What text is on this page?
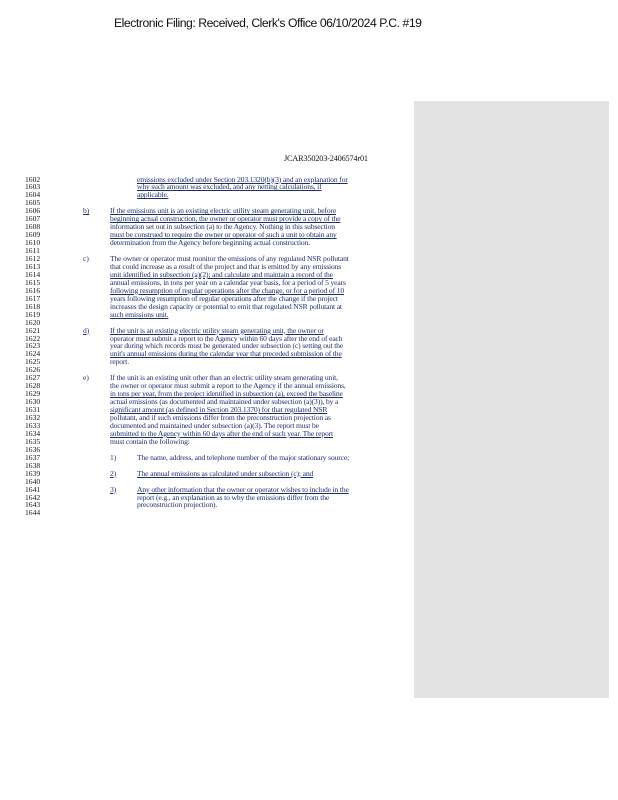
Electronic Filing: Received, Clerk's Office 06/10/2024 P.C. #19
JCAR350203-2406574r01
1602
1603
1604
1605
1606
1607
1608
1609
1610
1611
1612
1613
1614
1615
1616
1617
1618
1619
1620
1621
1622
1623
1624
1625
1626
1627
1628
1629
1630
1631
1632
1633
1634
1635
1636
1637
1638
1639
1640
1641
1642
1643
1644
emissions excluded under Section 203.1320(b)(3) and an explanation for
why such amount was excluded, and any netting calculations, if
applicable.
b)	If the emissions unit is an existing electric utility steam generating unit, before
beginning actual construction, the owner or operator must provide a copy of the
information set out in subsection (a) to the Agency. Nothing in this subsection
must be construed to require the owner or operator of such a unit to obtain any
determination from the Agency before beginning actual construction.
c)	The owner or operator must monitor the emissions of any regulated NSR pollutant
that could increase as a result of the project and that is emitted by any emissions
unit identified in subsection (a)(2); and calculate and maintain a record of the
annual emissions, in tons per year on a calendar year basis, for a period of 5 years
following resumption of regular operations after the change, or for a period of 10
years following resumption of regular operations after the change if the project
increases the design capacity or potential to emit that regulated NSR pollutant at
such emissions unit.
d)	If the unit is an existing electric utility steam generating unit, the owner or
operator must submit a report to the Agency within 60 days after the end of each
year during which records must be generated under subsection (c) setting out the
unit's annual emissions during the calendar year that preceded submission of the
report.
e)	If the unit is an existing unit other than an electric utility steam generating unit,
the owner or operator must submit a report to the Agency if the annual emissions,
in tons per year, from the project identified in subsection (a), exceed the baseline
actual emissions (as documented and maintained under subsection (a)(3)), by a
significant amount (as defined in Section 203.1370) for that regulated NSR
pollutant, and if such emissions differ from the preconstruction projection as
documented and maintained under subsection (a)(3). The report must be
submitted to the Agency within 60 days after the end of such year. The report
must contain the following:
1)	The name, address, and telephone number of the major stationary source;
2)	The annual emissions as calculated under subsection (c); and
3)	Any other information that the owner or operator wishes to include in the
report (e.g., an explanation as to why the emissions differ from the
preconstruction projection).
